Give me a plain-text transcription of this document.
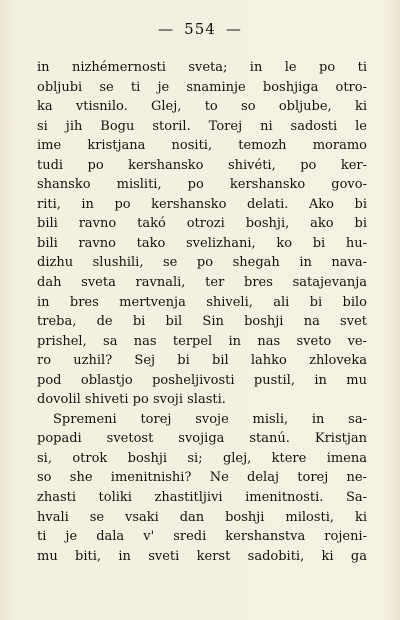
— 554 —
in nizhémernosti sveta; in le po ti
obljubi se ti je snaminje boshjiga otro-
ka vtisnilo. Glej, to so obljube, ki
si jih Bogu storil. Torej ni sadosti le
ime kristjana nositi, temozh moramo
tudi po kershansko shivéti, po ker-
shansko misliti, po kershansko govo-
riti, in po kershansko delati. Ako bi
bili ravno takó otrozi boshji, ako bi
bili ravno tako svelizhani, ko bi hu-
dizhu slushili, se po shegah in nava-
dah sveta ravnali, ter bres satajevanja
in bres mertvenja shiveli, ali bi bilo
treba, de bi bil Sin boshji na svet
prishel, sa nas terpel in nas sveto ve-
ro uzhil? Sej bi bil lahko zhloveka
pod oblastjo posheljivosti pustil, in mu
dovolil shiveti po svoji slasti.
Spremeni torej svoje misli, in sa-
popadi svetost svojiga stanú. Kristjan
si, otrok boshji si; glej, ktere imena
so she imenitnishi? Ne delaj torej ne-
zhasti toliki zhastitljivi imenitnosti. Sa-
hvali se vsaki dan boshji milosti, ki
ti je dala v' sredi kershanstva rojeni-
mu biti, in sveti kerst sadobiti, ki ga
